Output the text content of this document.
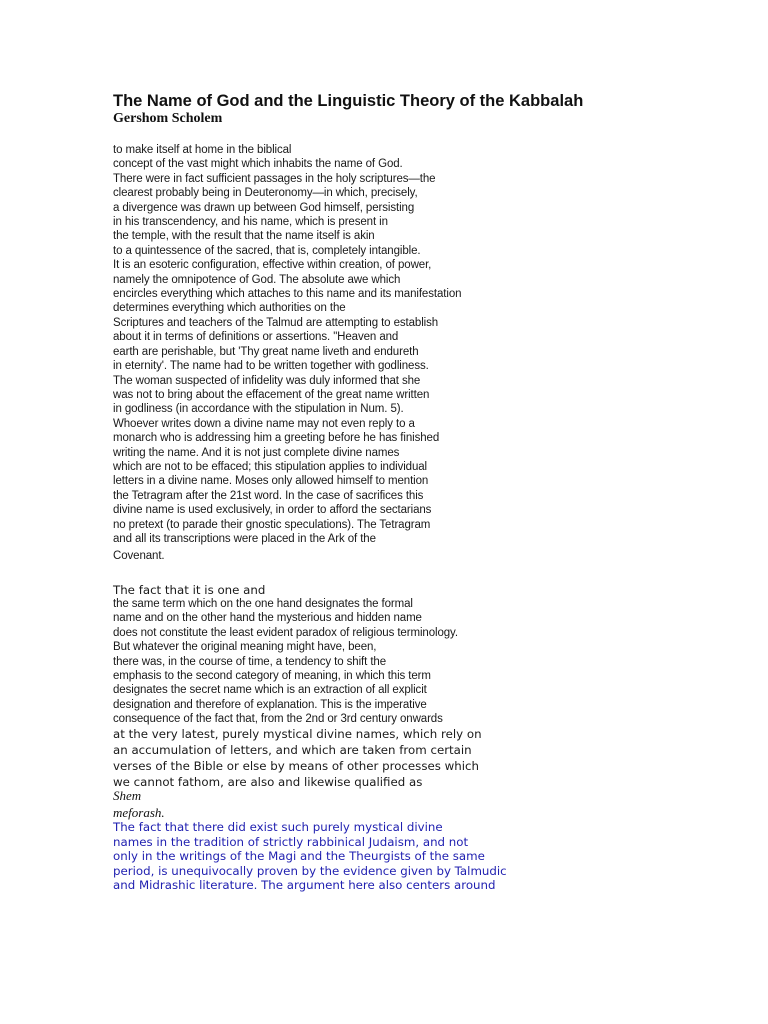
The Name of God and the Linguistic Theory of the Kabbalah
Gershom Scholem
to make itself at home in the biblical
concept of the vast might which inhabits the name of God.
There were in fact sufficient passages in the holy scriptures—the
clearest probably being in Deuteronomy—in which, precisely,
a divergence was drawn up between God himself, persisting
in his transcendency, and his name, which is present in
the temple, with the result that the name itself is akin
to a quintessence of the sacred, that is, completely intangible.
It is an esoteric configuration, effective within creation, of power,
namely the omnipotence of God. The absolute awe which
encircles everything which attaches to this name and its manifestation
determines everything which authorities on the
Scriptures and teachers of the Talmud are attempting to establish
about it in terms of definitions or assertions. "Heaven and
earth are perishable, but 'Thy great name liveth and endureth
in eternity'. The name had to be written together with godliness.
The woman suspected of infidelity was duly informed that she
was not to bring about the effacement of the great name written
in godliness (in accordance with the stipulation in Num. 5).
Whoever writes down a divine name may not even reply to a
monarch who is addressing him a greeting before he has finished
writing the name. And it is not just complete divine names
which are not to be effaced; this stipulation applies to individual
letters in a divine name. Moses only allowed himself to mention
the Tetragram after the 21st word. In the case of sacrifices this
divine name is used exclusively, in order to afford the sectarians
no pretext (to parade their gnostic speculations). The Tetragram
and all its transcriptions were placed in the Ark of the
Covenant.
The fact that it is one and
the same term which on the one hand designates the formal
name and on the other hand the mysterious and hidden name
does not constitute the least evident paradox of religious terminology.
But whatever the original meaning might have, been,
there was, in the course of time, a tendency to shift the
emphasis to the second category of meaning, in which this term
designates the secret name which is an extraction of all explicit
designation and therefore of explanation. This is the imperative
consequence of the fact that, from the 2nd or 3rd century onwards
at the very latest, purely mystical divine names, which rely on
an accumulation of letters, and which are taken from certain
verses of the Bible or else by means of other processes which
we cannot fathom, are also and likewise qualified as
Shem
meforash.
The fact that there did exist such purely mystical divine
names in the tradition of strictly rabbinical Judaism, and not
only in the writings of the Magi and the Theurgists of the same
period, is unequivocally proven by the evidence given by Talmudic
and Midrashic literature. The argument here also centers around
